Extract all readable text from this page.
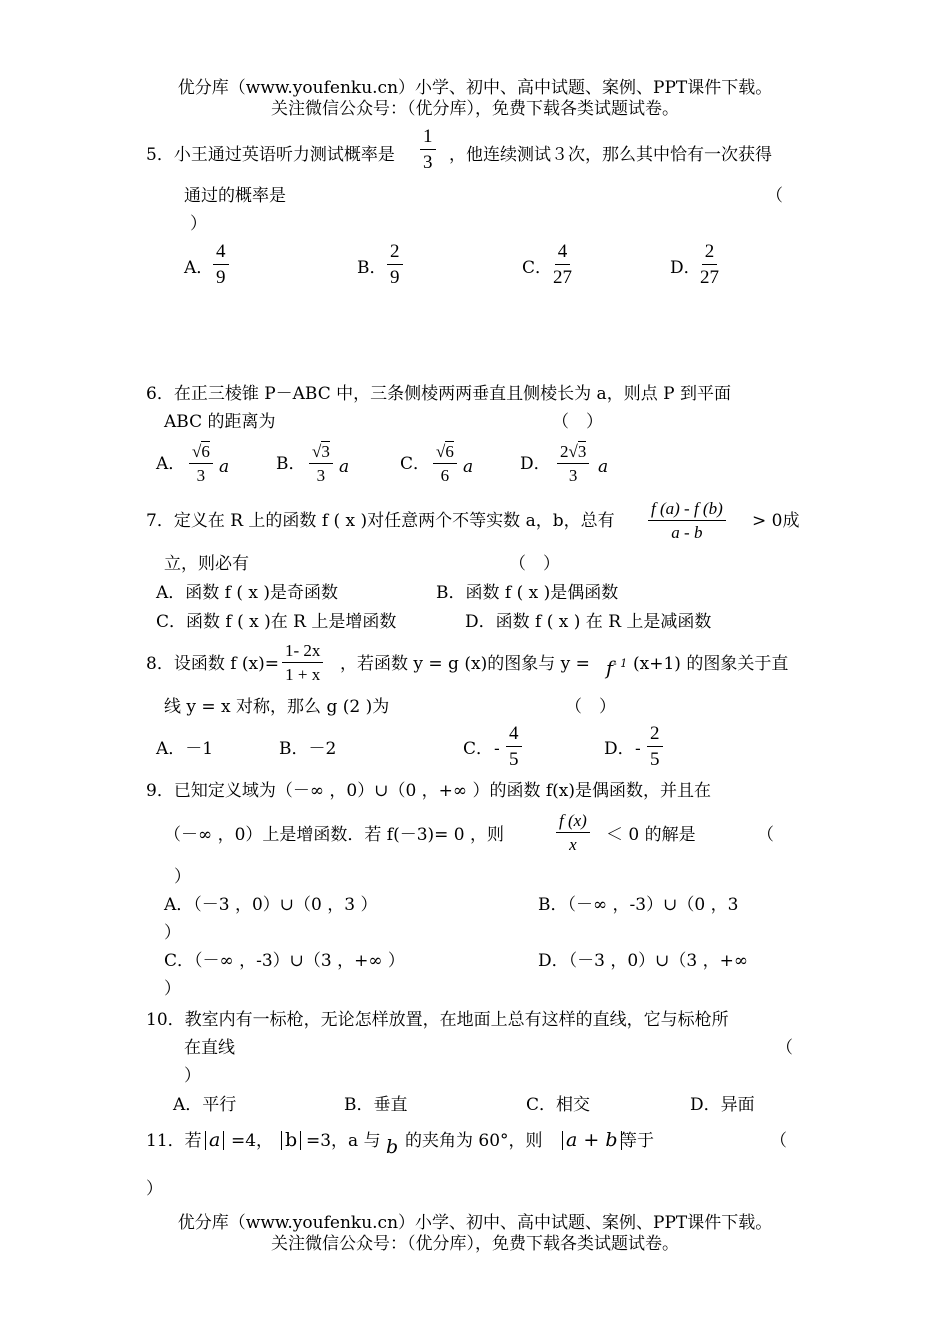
优分库（www.youfenku.cn）小学、初中、高中试题、案例、PPT课件下载。
关注微信公众号：（优分库），免费下载各类试题试卷。
5．小王通过英语听力测试概率是 $\frac{1}{3}$ ，他连续测试３次，那么其中恰有一次获得
通过的概率是	（
）
A． $\frac{4}{9}$	B． $\frac{2}{9}$	C． $\frac{4}{27}$	D． $\frac{2}{27}$
6．在正三棱锥 P－ABC 中，三条侧棱两两垂直且侧棱长为 a，则点 P 到平面
ABC 的距离为	（　）
A． $\frac{√6}{3}$ a	B． $\frac{√3}{3}$ a	C． $\frac{√6}{6}$ a	D． $\frac{2√3}{3}$ a
7．定义在 R 上的函数 f ( x )对任意两个不等实数 a，b，总有 $\frac{f (a) - f (b)}{a - b} > 0$成
立，则必有	（　）
A．函数 f ( x )是奇函数	B．函数 f ( x )是偶函数
C．函数 f ( x )在 R 上是增函数	D．函数 f ( x ) 在 R 上是减函数
8．设函数 f $(x)= \frac{1- 2x}{1 + x}$ ，若函数 y = g (x)的图象与 $y = f^{- 1}$ (x+1) 的图象关于直
线 y = x 对称，那么 g (2 )为	（　）
A．－1	B．－2	C． - $\frac{4}{5}$	D． - $\frac{2}{5}$
9．已知定义域为（－∞ ，0）∪（0 ，+∞ ）的函数 f(x)是偶函数，并且在
（－∞ ，0）上是增函数．若 f(－3)= 0 ，则	$\frac{f (x)}{x} < 0$ 的解是	（
）
A．（－3 ，0）∪（0 ，3 ）	B．（－∞ ，-3）∪（0 ，3
）
C．（－∞ ，-3）∪（3 ，+∞ ）	D．（－3 ，0）∪（3 ，+∞
）
10．教室内有一标枪，无论怎样放置，在地面上总有这样的直线，它与标枪所
在直线	（
）
A．平行	B．垂直	C．相交	D．异面
11．若 a =4， b =3，a 与 b 的夹角为 60°，则 a + b 等于	（
）
优分库（www.youfenku.cn）小学、初中、高中试题、案例、PPT课件下载。
关注微信公众号：（优分库），免费下载各类试题试卷。
